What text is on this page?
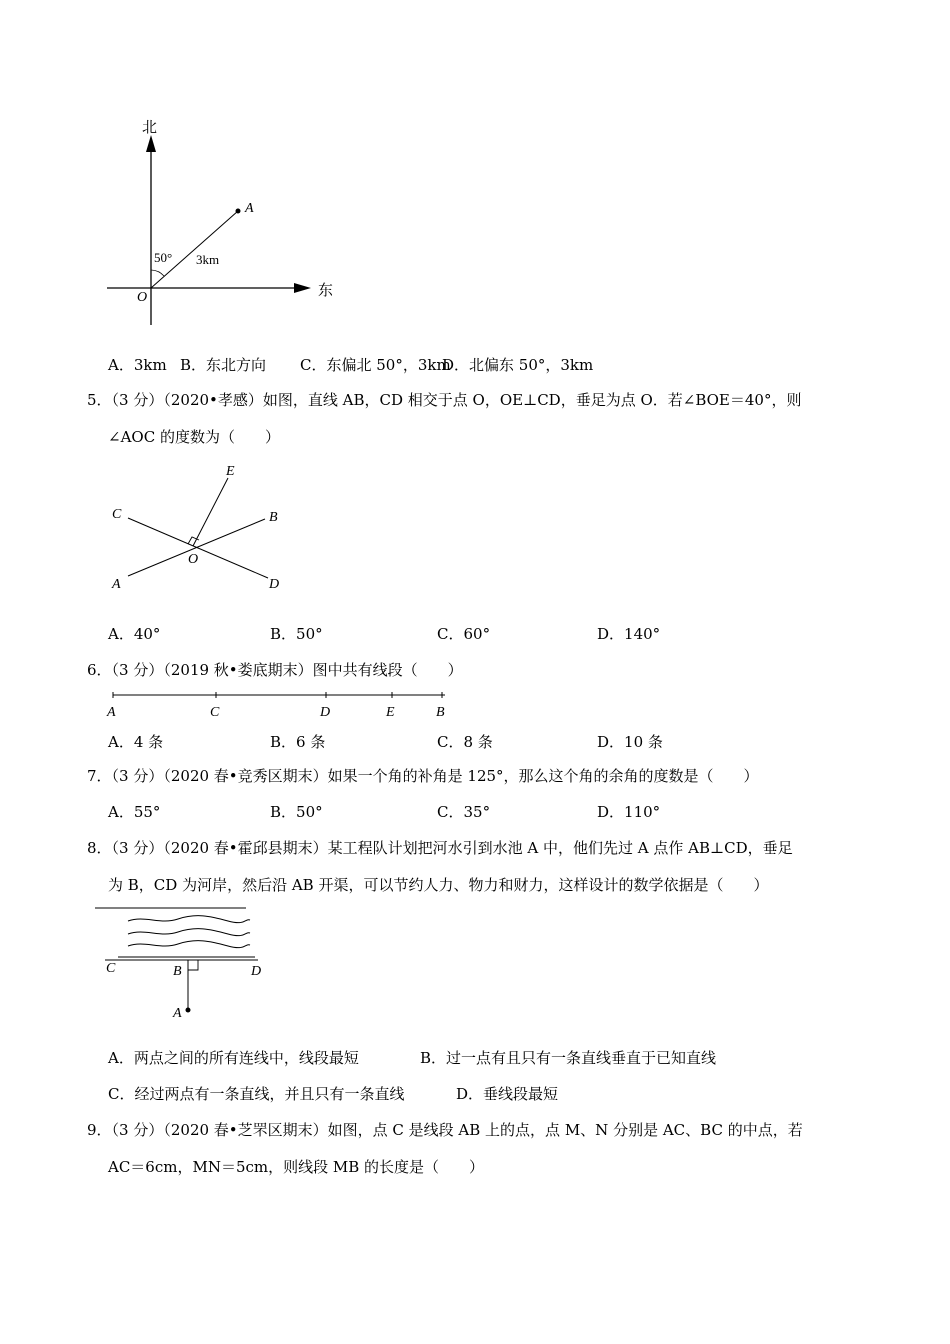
北
东
50° 3km
O
A
A．3km B．东北方向 C．东偏北 50°，3km
D．北偏东 50°，3km
5．（3 分）（2020•孝感）如图，直线 AB，CD 相交于点 O，OE⊥CD，垂足为点 O．若∠BOE＝40°，则
∠AOC 的度数为（　　）
C	B
E
A	D
O
A．40°	B．50°	C．60°	D．140°
6．（3 分）（2019 秋•娄底期末）图中共有线段（　　）
A	C	D	E	B
A．4 条	B．6 条	C．8 条	D．10 条
7．（3 分）（2020 春•竞秀区期末）如果一个角的补角是 125°，那么这个角的余角的度数是（　　）
A．55°	B．50°	C．35°	D．110°
8．（3 分）（2020 春•霍邱县期末）某工程队计划把河水引到水池 A 中，他们先过 A 点作 AB⊥CD，垂足
为 B，CD 为河岸，然后沿 AB 开渠，可以节约人力、物力和财力，这样设计的数学依据是（　　）
C	B	D
A
A．两点之间的所有连线中，线段最短	B．过一点有且只有一条直线垂直于已知直线
C．经过两点有一条直线，并且只有一条直线	D．垂线段最短
9．（3 分）（2020 春•芝罘区期末）如图，点 C 是线段 AB 上的点，点 M、N 分别是 AC、BC 的中点，若
AC＝6cm，MN＝5cm，则线段 MB 的长度是（　　）
